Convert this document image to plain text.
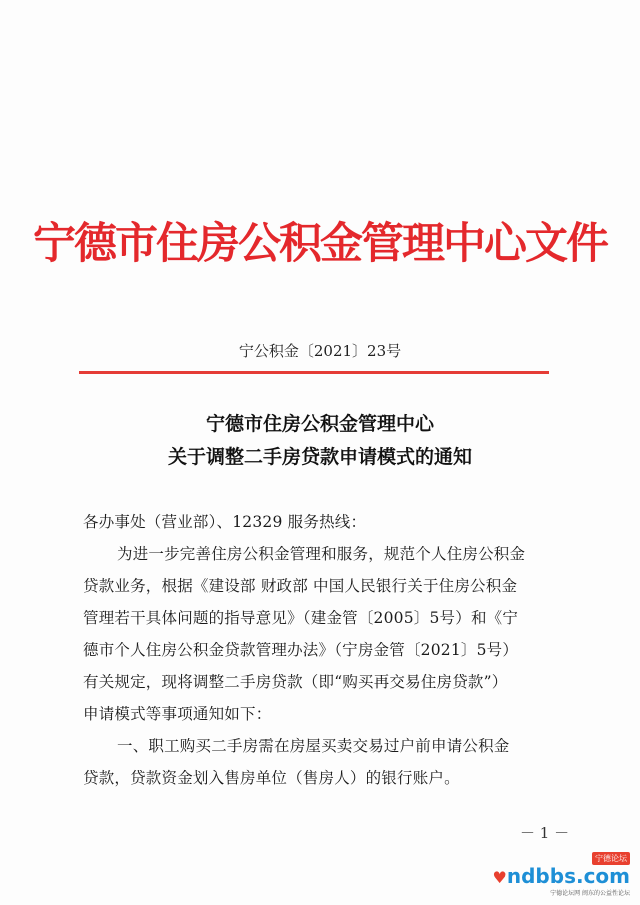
宁德市住房公积金管理中心文件
宁公积金〔2021〕23号
宁德市住房公积金管理中心
关于调整二手房贷款申请模式的通知
各办事处（营业部）、12329 服务热线：
为进一步完善住房公积金管理和服务，规范个人住房公积金
贷款业务，根据《建设部 财政部 中国人民银行关于住房公积金
管理若干具体问题的指导意见》（建金管〔2005〕5号）和《宁
德市个人住房公积金贷款管理办法》（宁房金管〔2021〕5号）
有关规定，现将调整二手房贷款（即“购买再交易住房贷款”）
申请模式等事项通知如下：
一、职工购买二手房需在房屋买卖交易过户前申请公积金
贷款，贷款资金划入售房单位（售房人）的银行账户。
－ 1 －
宁德论坛
♥ndbbs.com
宁德论坛网 闽东的公益性论坛
